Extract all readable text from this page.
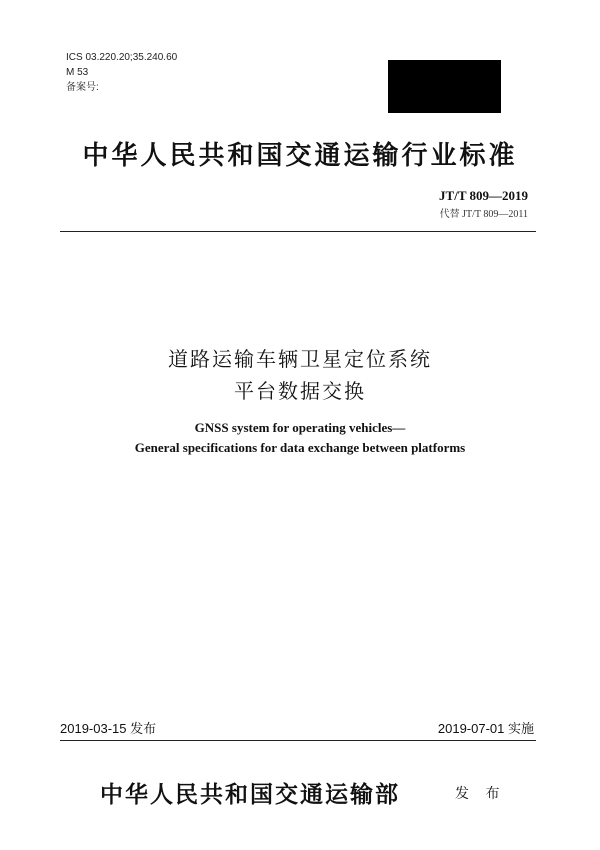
ICS 03.220.20;35.240.60
M 53
备案号:
中华人民共和国交通运输行业标准
JT/T 809—2019
代替 JT/T 809—2011
道路运输车辆卫星定位系统
平台数据交换
GNSS system for operating vehicles—
General specifications for data exchange between platforms
2019-03-15 发布	2019-07-01 实施
中华人民共和国交通运输部	发 布
